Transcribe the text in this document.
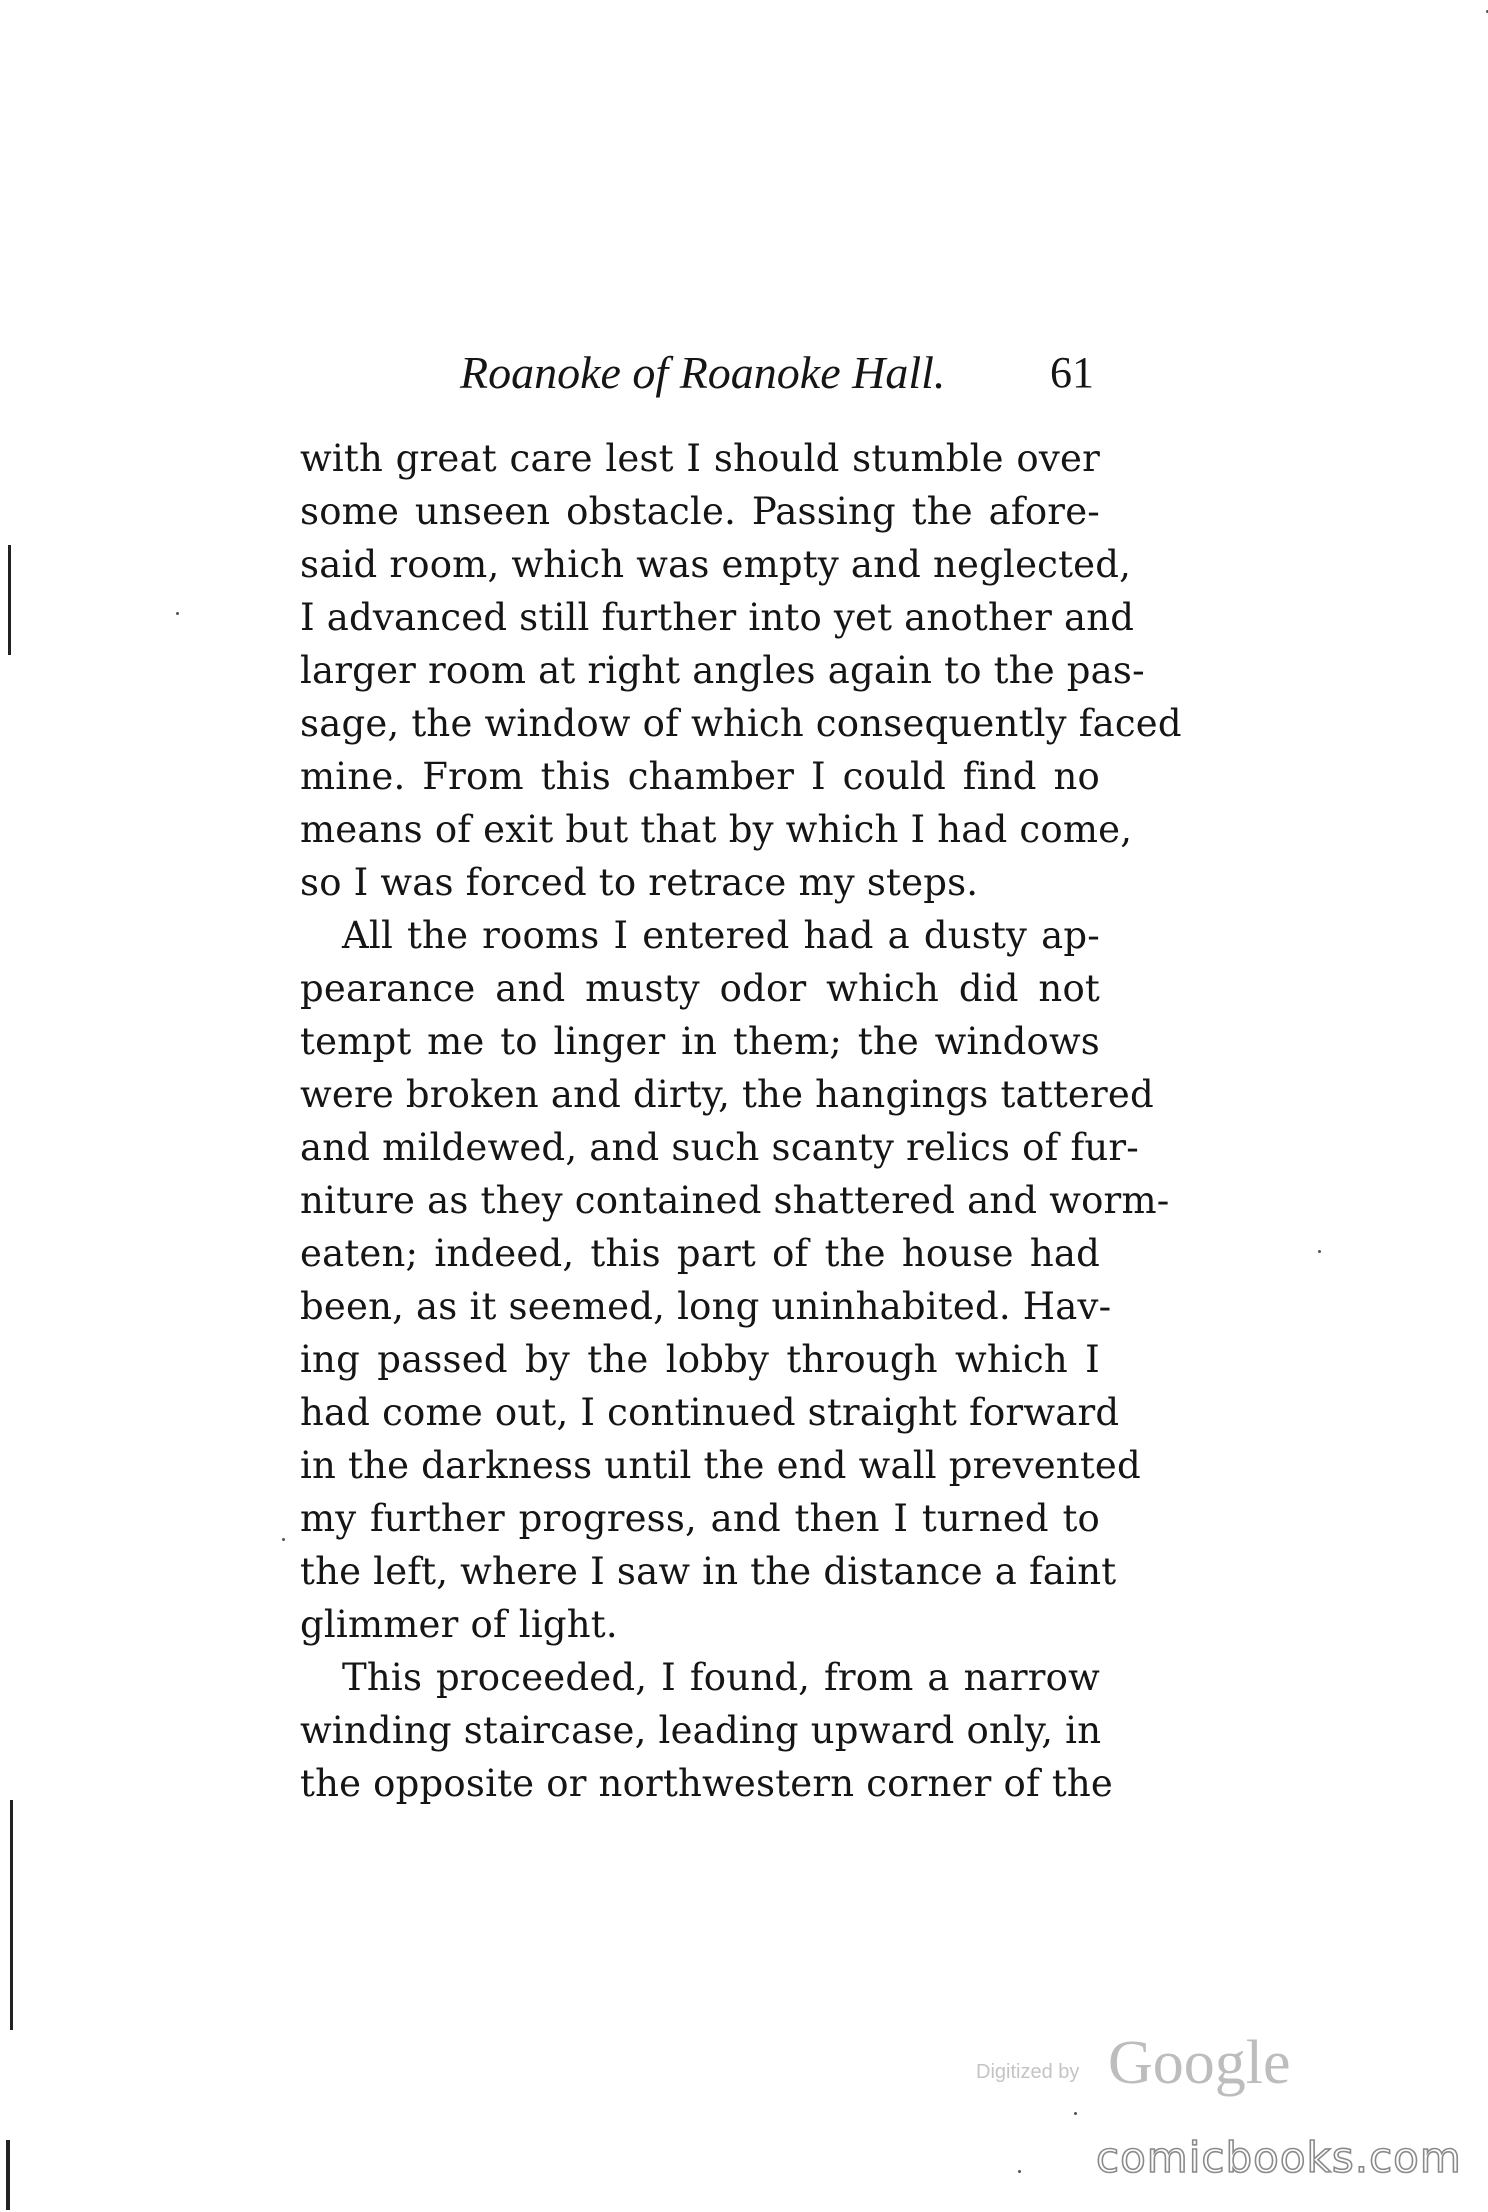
Roanoke of Roanoke Hall. 61
with great care lest I should stumble over
some unseen obstacle. Passing the afore-
said room, which was empty and neglected,
I advanced still further into yet another and
larger room at right angles again to the pas-
sage, the window of which consequently faced
mine. From this chamber I could find no
means of exit but that by which I had come,
so I was forced to retrace my steps.
All the rooms I entered had a dusty ap-
pearance and musty odor which did not
tempt me to linger in them; the windows
were broken and dirty, the hangings tattered
and mildewed, and such scanty relics of fur-
niture as they contained shattered and worm-
eaten; indeed, this part of the house had
been, as it seemed, long uninhabited. Hav-
ing passed by the lobby through which I
had come out, I continued straight forward
in the darkness until the end wall prevented
my further progress, and then I turned to
the left, where I saw in the distance a faint
glimmer of light.
This proceeded, I found, from a narrow
winding staircase, leading upward only, in
the opposite or northwestern corner of the
Digitized by Google
comicbooks.com
